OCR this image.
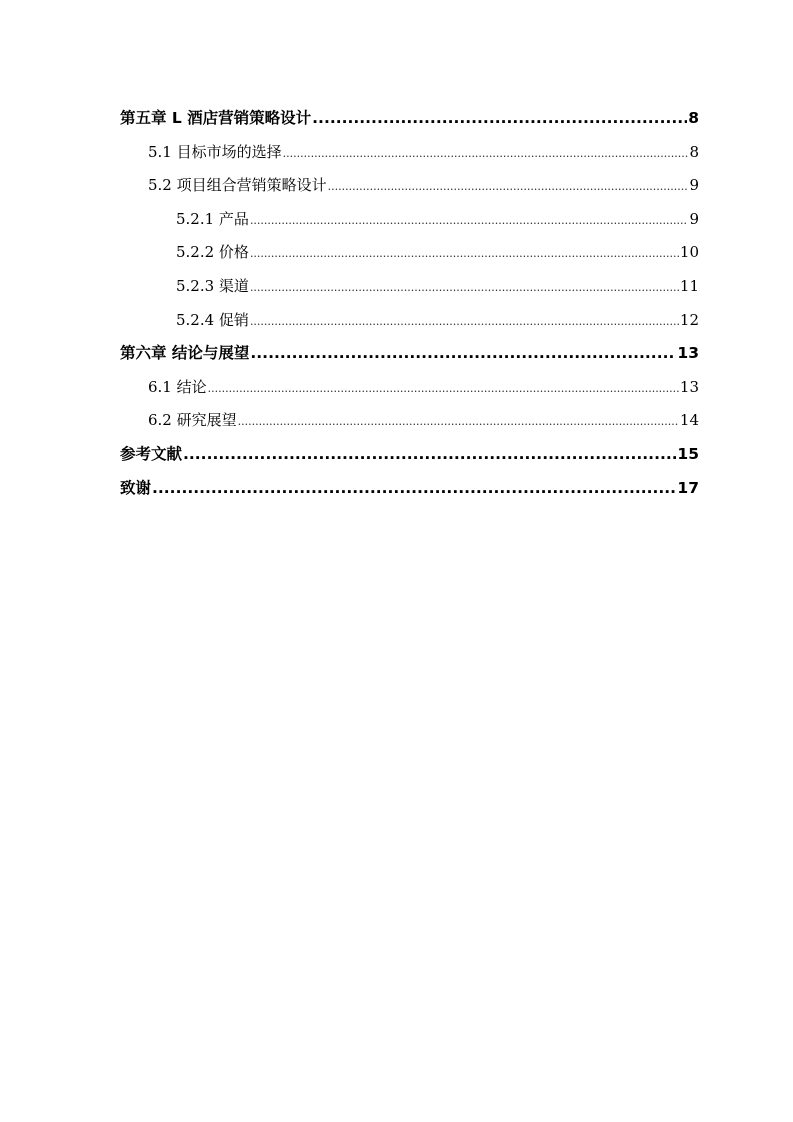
第五章 L 酒店营销策略设计 .....	8
5.1 目标市场的选择 .....	8
5.2 项目组合营销策略设计 .....	9
5.2.1 产品 .....	9
5.2.2 价格 .....	10
5.2.3 渠道 .....	11
5.2.4 促销 .....	12
第六章 结论与展望 .....	13
6.1 结论 .....	13
6.2 研究展望 .....	14
参考文献 .....	15
致谢 .....	17
